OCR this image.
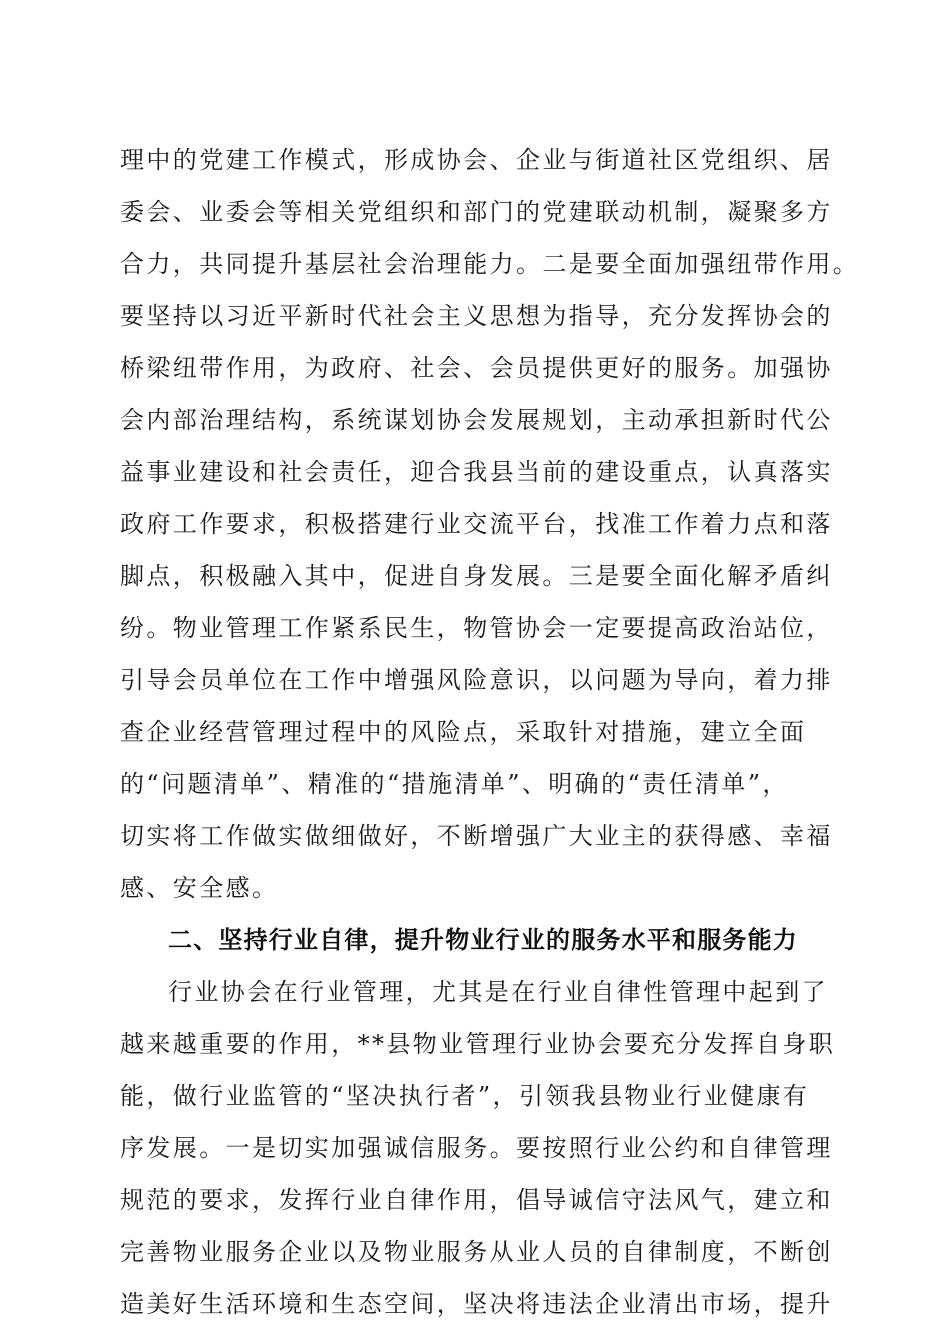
理中的党建工作模式，形成协会、企业与街道社区党组织、居
委会、业委会等相关党组织和部门的党建联动机制，凝聚多方
合力，共同提升基层社会治理能力。二是要全面加强纽带作用。
要坚持以习近平新时代社会主义思想为指导，充分发挥协会的
桥梁纽带作用，为政府、社会、会员提供更好的服务。加强协
会内部治理结构，系统谋划协会发展规划，主动承担新时代公
益事业建设和社会责任，迎合我县当前的建设重点，认真落实
政府工作要求，积极搭建行业交流平台，找准工作着力点和落
脚点，积极融入其中，促进自身发展。三是要全面化解矛盾纠
纷。物业管理工作紧系民生，物管协会一定要提高政治站位，
引导会员单位在工作中增强风险意识，以问题为导向，着力排
查企业经营管理过程中的风险点，采取针对措施，建立全面
的“问题清单”、精准的“措施清单”、明确的“责任清单”，
切实将工作做实做细做好，不断增强广大业主的获得感、幸福
感、安全感。
二、坚持行业自律，提升物业行业的服务水平和服务能力
行业协会在行业管理，尤其是在行业自律性管理中起到了
越来越重要的作用，**县物业管理行业协会要充分发挥自身职
能，做行业监管的“坚决执行者”，引领我县物业行业健康有
序发展。一是切实加强诚信服务。要按照行业公约和自律管理
规范的要求，发挥行业自律作用，倡导诚信守法风气，建立和
完善物业服务企业以及物业服务从业人员的自律制度，不断创
造美好生活环境和生态空间，坚决将违法企业清出市场，提升
